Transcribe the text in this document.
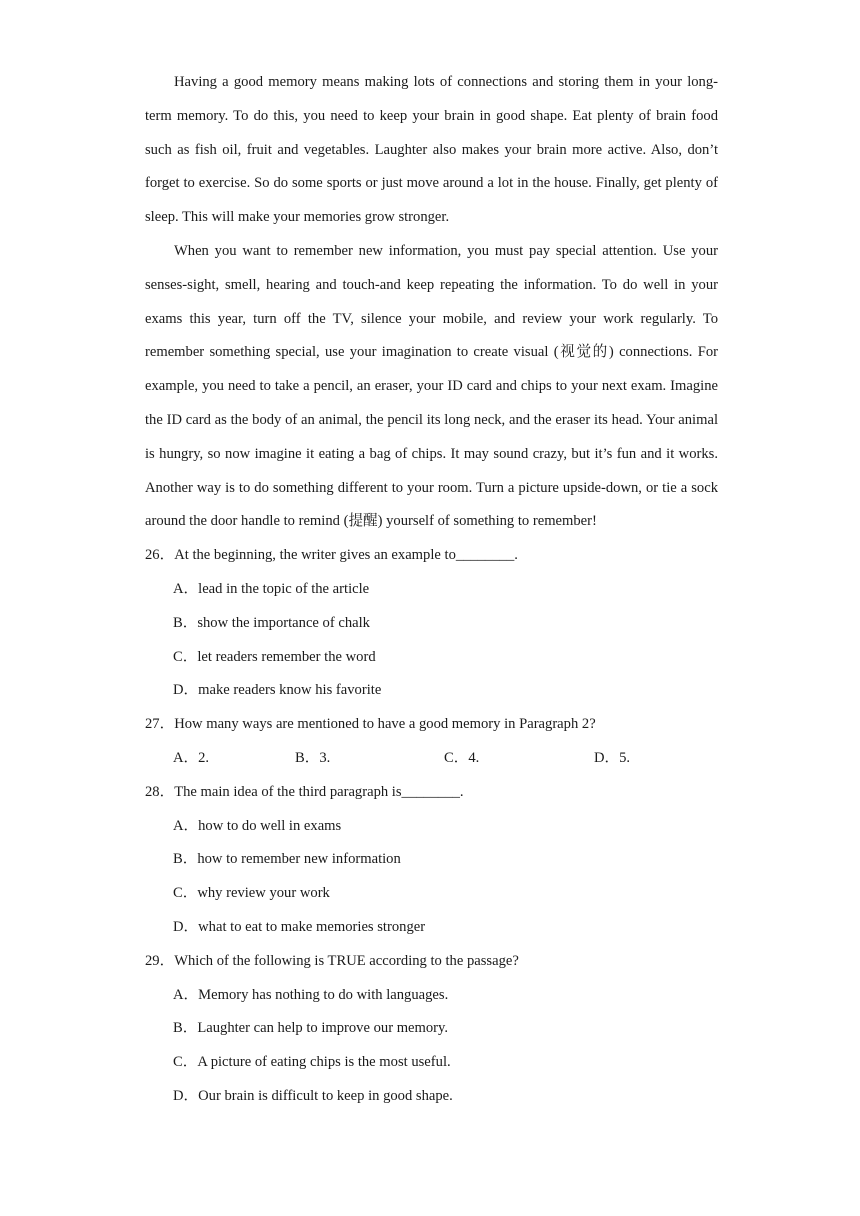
Having a good memory means making lots of connections and storing them in your long-term memory. To do this, you need to keep your brain in good shape. Eat plenty of brain food such as fish oil, fruit and vegetables. Laughter also makes your brain more active. Also, don’t forget to exercise. So do some sports or just move around a lot in the house. Finally, get plenty of sleep. This will make your memories grow stronger.

When you want to remember new information, you must pay special attention. Use your senses-sight, smell, hearing and touch-and keep repeating the information. To do well in your exams this year, turn off the TV, silence your mobile, and review your work regularly. To remember something special, use your imagination to create visual (视觉的) connections. For example, you need to take a pencil, an eraser, your ID card and chips to your next exam. Imagine the ID card as the body of an animal, the pencil its long neck, and the eraser its head. Your animal is hungry, so now imagine it eating a bag of chips. It may sound crazy, but it’s fun and it works. Another way is to do something different to your room. Turn a picture upside-down, or tie a sock around the door handle to remind (提醒) yourself of something to remember!

26．At the beginning, the writer gives an example to________.
A．lead in the topic of the article
B．show the importance of chalk
C．let readers remember the word
D．make readers know his favorite
27．How many ways are mentioned to have a good memory in Paragraph 2?
A．2.	B．3.	C．4.	D．5.
28．The main idea of the third paragraph is________.
A．how to do well in exams
B．how to remember new information
C．why review your work
D．what to eat to make memories stronger
29．Which of the following is TRUE according to the passage?
A．Memory has nothing to do with languages.
B．Laughter can help to improve our memory.
C．A picture of eating chips is the most useful.
D．Our brain is difficult to keep in good shape.
